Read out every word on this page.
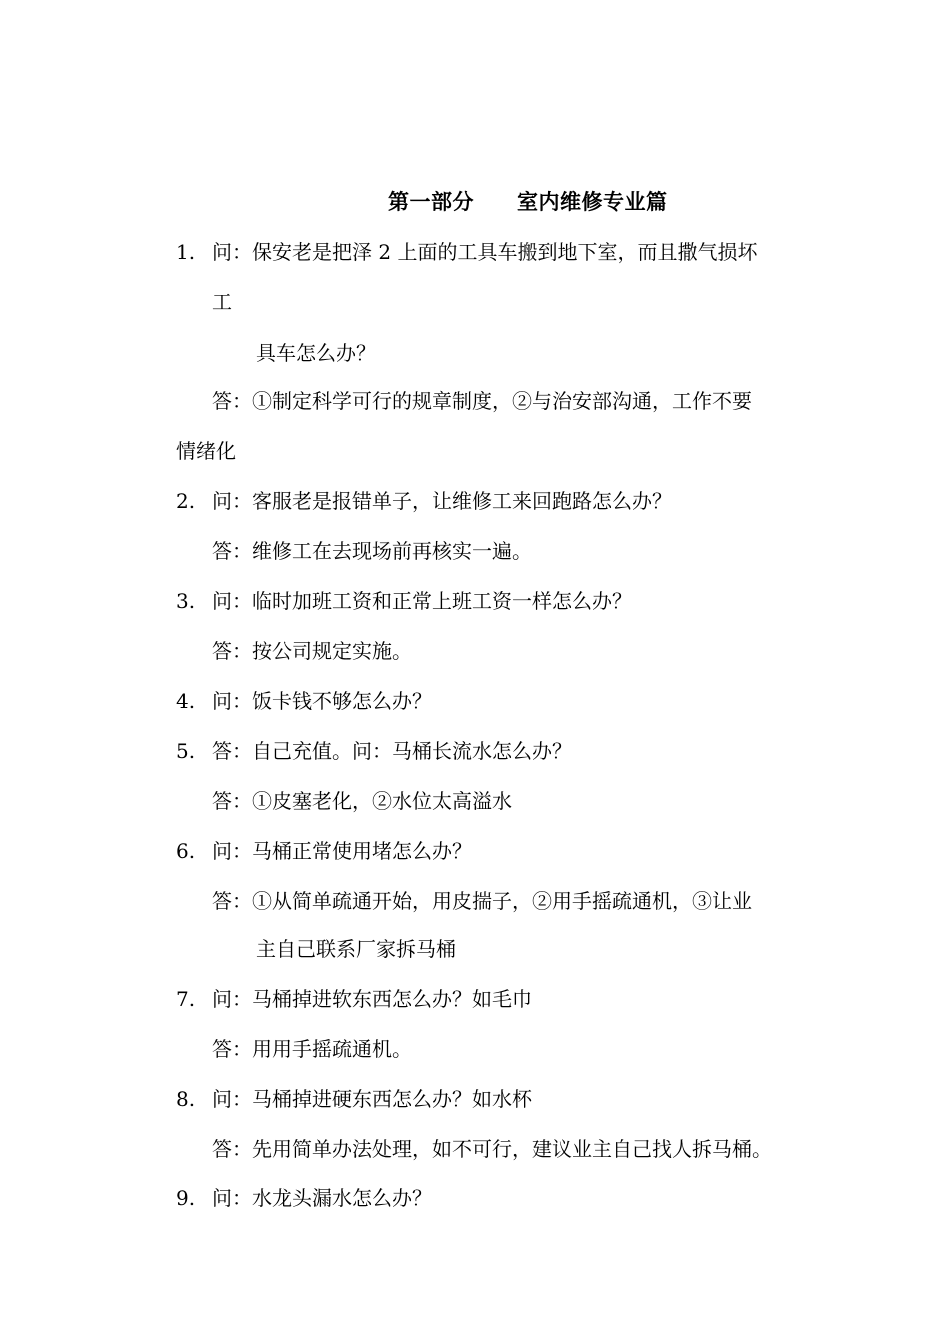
第一部分　　室内维修专业篇
1. 问：保安老是把泽 2 上面的工具车搬到地下室，而且撒气损坏
工
具车怎么办？
答：①制定科学可行的规章制度，②与治安部沟通，工作不要
情绪化
2. 问：客服老是报错单子，让维修工来回跑路怎么办？
答：维修工在去现场前再核实一遍。
3. 问：临时加班工资和正常上班工资一样怎么办？
答：按公司规定实施。
4. 问：饭卡钱不够怎么办？
5. 答：自己充值。问：马桶长流水怎么办？
答：①皮塞老化，②水位太高溢水
6. 问：马桶正常使用堵怎么办？
答：①从简单疏通开始，用皮揣子，②用手摇疏通机，③让业
主自己联系厂家拆马桶
7. 问：马桶掉进软东西怎么办？如毛巾
答：用用手摇疏通机。
8. 问：马桶掉进硬东西怎么办？如水杯
答：先用简单办法处理，如不可行，建议业主自己找人拆马桶。
9. 问：水龙头漏水怎么办？
